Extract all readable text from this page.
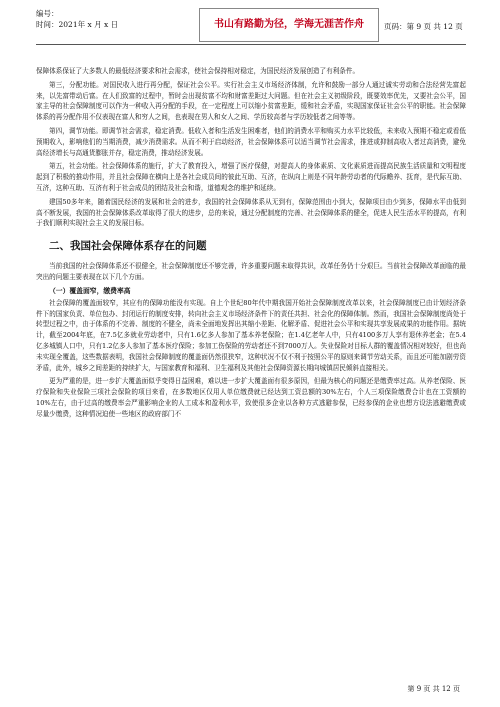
编号：
时间：2021年 x 月 x 日	书山有路勤为径，学海无涯苦作舟	页码：第 9 页 共 12 页

保障体系保证了大多数人的最低经济要求和社会需求，使社会保持相对稳定，为国民经济发展创造了有利条件。

第三，分配功能。对国民收入进行再分配，保证社会公平。实行社会主义市场经济体制，允许和鼓励一部分人通过诚实劳动和合法经营先富起来，以先富带动后富。在人们致富的过程中，暂时会出现贫富不均和财富差距过大问题。但在社会主义初级阶段，既要效率优先，又要社会公平，国家主导的社会保障制度可以作为一种收入再分配的手段，在一定程度上可以缩小贫富差距，缓和社会矛盾，实现国家保证社会公平的职能。社会保障体系的再分配作用不仅表现在富人和穷人之间，也表现在男人和女人之间、学历较高者与学历较低者之间等等。

第四，调节功能。即调节社会需求，稳定消费。低收入者和生活发生困难者，他们的消费水平和购买力水平比较低，未来收入预期不稳定或看低预期收入，影响他们的当期消费，减少消费需求。从而不利于启动经济，社会保障体系可以适当调节社会需求，推进或抑制高收入者过高消费，避免高经济增长与高通货膨胀并存，稳定消费，推动经济发展。

第五，社会功能。社会保障体系的施行，扩大了教育投入，增强了医疗保健，对提高人的身体素质、文化素质进而提高民族生活质量和文明程度起到了积极的推动作用，并且社会保障在横向上是各社会成员间的彼此互助、互济，在纵向上则是不同年龄劳动者的代际赡养、抚育，是代际互助、互济，这种互助、互济有利于社会成员的团结及社会和谐，道德观念的维护和延续。

建国50多年来，随着国民经济的发展和社会的进步，我国的社会保障体系从无到有，保障范围由小到大，保障项目由少到多，保障水平由低到高不断发展，我国的社会保障体系改革取得了很大的进步，总的来说，通过分配制度的完善、社会保障体系的健全，促进人民生活水平的提高，有利于我们顺利实现社会主义的发展目标。

二、我国社会保障体系存在的问题

当前我国的社会保障体系还不很健全，社会保障制度还不够完善，许多重要问题未取得共识，改革任务仍十分艰巨。当前社会保障改革面临的最突出的问题主要表现在以下几个方面。

（一）覆盖面窄，缴费率高

社会保障的覆盖面较窄，其应有的保障功能没有实现。自上个世纪80年代中期我国开始社会保障制度改革以来，社会保障制度已由计划经济条件下的国家负责、单位包办、封闭运行的制度安排，转向社会主义市场经济条件下的责任共担、社会化的保障体制。然而，我国社会保障制度尚处于转型过程之中，由于体系的不完善、制度的不健全，尚未全面地发挥出其缩小差距、化解矛盾、促进社会公平和实现共享发展成果的功能作用。据统计，截至2004年底，在7.5亿多就业劳动者中，只有1.6亿多人参加了基本养老保险；在1.4亿老年人中，只有4100多万人享有退休养老金；在5.4亿多城镇人口中，只有1.2亿多人参加了基本医疗保险；参加工伤保险的劳动者还不到7000万人。失业保险对目标人群的覆盖情况相对较好，但也尚未实现全覆盖，这些数据表明，我国社会保障制度的覆盖面仍然很狭窄，这种状况不仅不利于按照公平的原则来调节劳动关系，而且还可能加剧劳资矛盾，此外，城乡之间差距的持续扩大，与国家教育和福利、卫生福利及其他社会保障资源长期向城镇居民倾斜直接相关。

更为严重的是，进一步扩大覆盖面似乎变得日益困难，难以进一步扩大覆盖面有很多原因，但最为核心的问题还是缴费率过高。从养老保险、医疗保险和失业保险三项社会保险的项目来看，在多数地区仅用人单位缴费就已经达到工资总额的30%左右，个人三项保险缴费合计也在工资额的10%左右，由于过高的缴费率会严重影响企业的人工成本和盈利水平，致使很多企业以各种方式逃避参保，已经参保的企业也想方设法逃避缴费或尽量少缴费，这种情况迫使一些地区的政府部门不

第 9 页 共 12 页
